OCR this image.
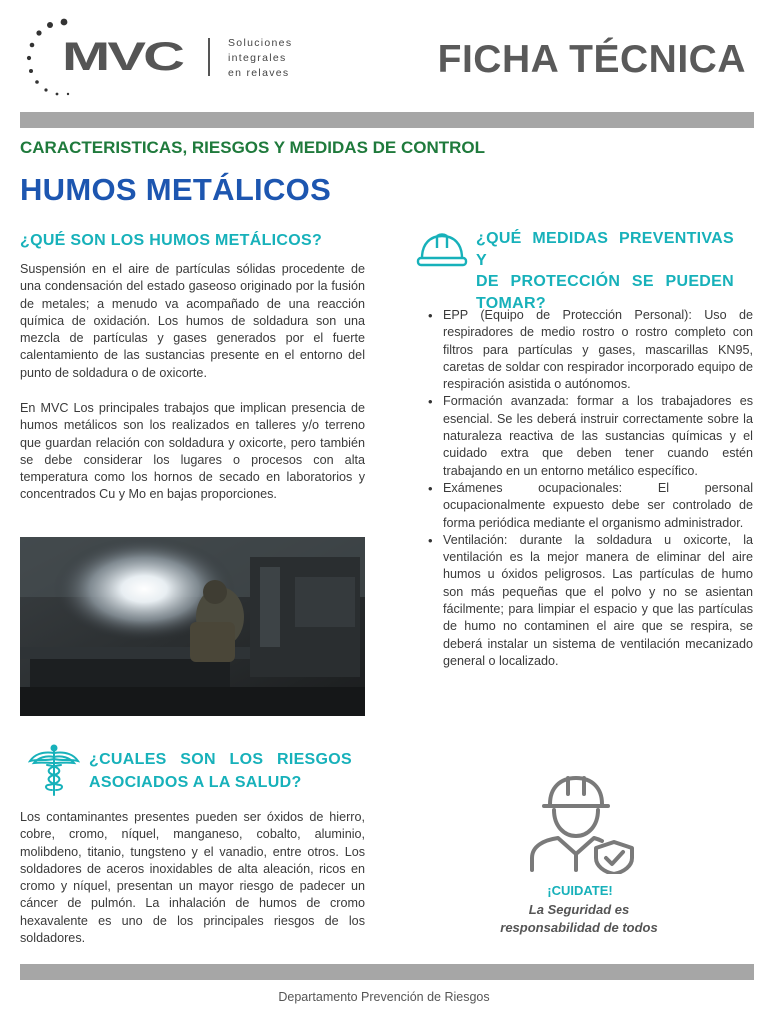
MVC	Soluciones
integrales
en relaves	FICHA TÉCNICA
CARACTERISTICAS, RIESGOS Y MEDIDAS DE CONTROL
HUMOS METÁLICOS
¿QUÉ SON LOS HUMOS METÁLICOS?
Suspensión en el aire de partículas sólidas procedente de una condensación del estado gaseoso originado por la fusión de metales; a menudo va acompañado de una reacción química de oxidación. Los humos de soldadura son una mezcla de partículas y gases generados por el fuerte calentamiento de las sustancias presente en el entorno del punto de soldadura o de oxicorte.
En MVC Los principales trabajos que implican presencia de humos metálicos son los realizados en talleres y/o terreno que guardan relación con soldadura y oxicorte, pero también se debe considerar los lugares o procesos con alta temperatura como los hornos de secado en laboratorios y concentrados Cu y Mo en bajas proporciones.
¿CUALES SON LOS RIESGOS
ASOCIADOS A LA SALUD?
Los contaminantes presentes pueden ser óxidos de hierro, cobre, cromo, níquel, manganeso, cobalto, aluminio, molibdeno, titanio, tungsteno y el vanadio, entre otros. Los soldadores de aceros inoxidables de alta aleación, ricos en cromo y níquel, presentan un mayor riesgo de padecer un cáncer de pulmón. La inhalación de humos de cromo hexavalente es uno de los principales riesgos de los soldadores.
¿QUÉ MEDIDAS PREVENTIVAS Y
DE PROTECCIÓN SE PUEDEN
TOMAR?
• EPP (Equipo de Protección Personal): Uso de respiradores de medio rostro o rostro completo con filtros para partículas y gases, mascarillas KN95, caretas de soldar con respirador incorporado equipo de respiración asistida o autónomos.
• Formación avanzada: formar a los trabajadores es esencial. Se les deberá instruir correctamente sobre la naturaleza reactiva de las sustancias químicas y el cuidado extra que deben tener cuando estén trabajando en un entorno metálico específico.
• Exámenes ocupacionales: El personal ocupacionalmente expuesto debe ser controlado de forma periódica mediante el organismo administrador.
• Ventilación: durante la soldadura u oxicorte, la ventilación es la mejor manera de eliminar del aire humos u óxidos peligrosos. Las partículas de humo son más pequeñas que el polvo y no se asientan fácilmente; para limpiar el espacio y que las partículas de humo no contaminen el aire que se respira, se deberá instalar un sistema de ventilación mecanizado general o localizado.
¡CUIDATE!
La Seguridad es
responsabilidad de todos
Departamento Prevención de Riesgos
